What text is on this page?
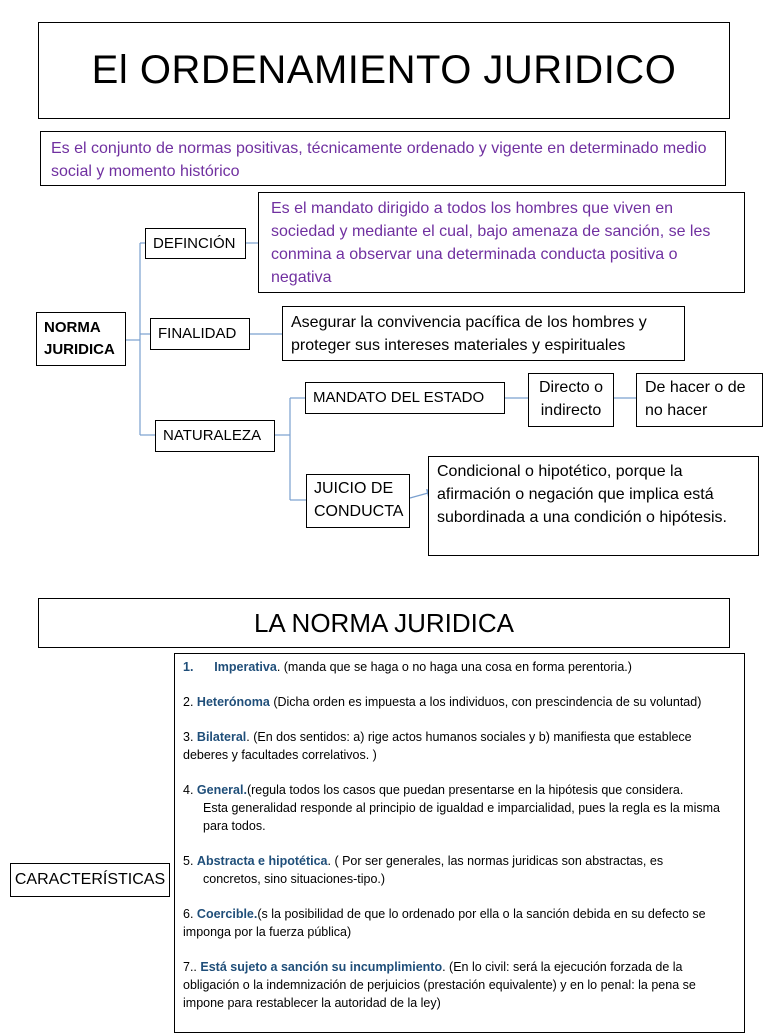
El ORDENAMIENTO JURIDICO
Es el conjunto de normas positivas, técnicamente ordenado y vigente en determinado medio social y momento histórico
NORMA JURIDICA
DEFINCIÓN
Es el mandato dirigido a todos los hombres que viven en sociedad y mediante el cual, bajo amenaza de sanción, se les conmina a observar una determinada conducta positiva o negativa
FINALIDAD
Asegurar la convivencia pacífica de los hombres y proteger sus intereses materiales y espirituales
NATURALEZA
MANDATO DEL ESTADO
Directo o indirecto
De hacer o de no hacer
JUICIO DE CONDUCTA
Condicional o hipotético, porque la afirmación o negación que implica está subordinada a una condición o hipótesis.
LA NORMA JURIDICA
CARACTERÍSTICAS
1. Imperativa. (manda que se haga o no haga una cosa en forma perentoria.)
2. Heterónoma (Dicha orden es impuesta a los individuos, con prescindencia de su voluntad)
3. Bilateral. (En dos sentidos: a) rige actos humanos sociales y b) manifiesta que establece deberes y facultades correlativos. )
4. General.(regula todos los casos que puedan presentarse en la hipótesis que considera.
Esta generalidad responde al principio de igualdad e imparcialidad, pues la regla es la misma para todos.
5. Abstracta e hipotética. ( Por ser generales, las normas juridicas son abstractas, es
concretos, sino situaciones-tipo.)
6. Coercible.(s la posibilidad de que lo ordenado por ella o la sanción debida en su defecto se imponga por la fuerza pública)
7.. Está sujeto a sanción su incumplimiento. (En lo civil: será la ejecución forzada de la obligación o la indemnización de perjuicios (prestación equivalente) y en lo penal: la pena se impone para restablecer la autoridad de la ley)
